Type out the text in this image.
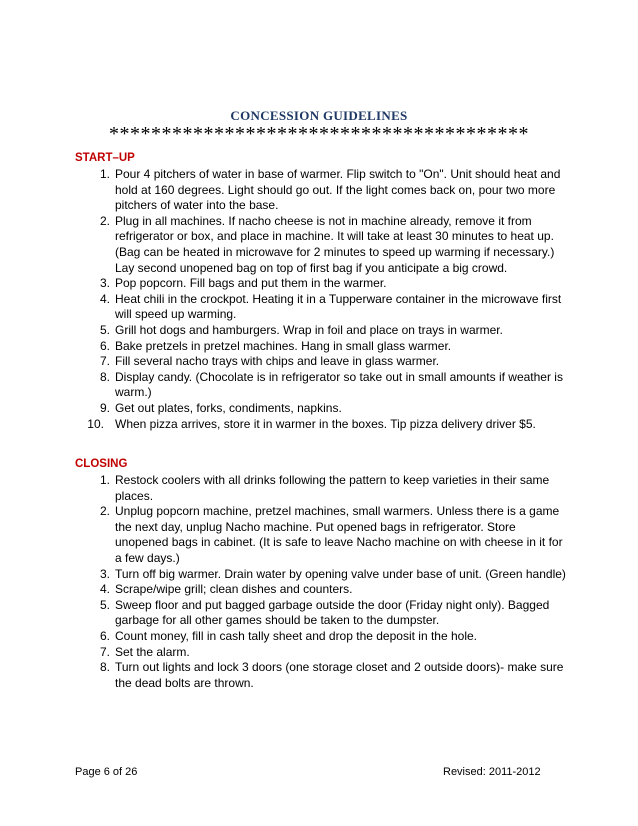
CONCESSION GUIDELINES
****************************************
START–UP
1 . Pour 4 pitchers of water in base of warmer. Flip switch to "On". Unit should heat and hold at 160 degrees. Light should go out. If the light comes back on, pour two more pitchers of water into the base.
2 . Plug in all machines. If nacho cheese is not in machine already, remove it from refrigerator or box, and place in machine. It will take at least 30 minutes to heat up. (Bag can be heated in microwave for 2 minutes to speed up warming if necessary.) Lay second unopened bag on top of first bag if you anticipate a big crowd.
3 . Pop popcorn. Fill bags and put them in the warmer.
4 . Heat chili in the crockpot. Heating it in a Tupperware container in the microwave first will speed up warming.
5 . Grill hot dogs and hamburgers. Wrap in foil and place on trays in warmer.
6 . Bake pretzels in pretzel machines. Hang in small glass warmer.
7 . Fill several nacho trays with chips and leave in glass warmer.
8 . Display candy. (Chocolate is in refrigerator so take out in small amounts if weather is warm.)
9 . Get out plates, forks, condiments, napkins.
10 . When pizza arrives, store it in warmer in the boxes. Tip pizza delivery driver $5.
CLOSING
1 . Restock coolers with all drinks following the pattern to keep varieties in their same places.
2 . Unplug popcorn machine, pretzel machines, small warmers. Unless there is a game the next day, unplug Nacho machine. Put opened bags in refrigerator. Store unopened bags in cabinet. (It is safe to leave Nacho machine on with cheese in it for a few days.)
3 . Turn off big warmer. Drain water by opening valve under base of unit. (Green handle)
4 . Scrape/wipe grill; clean dishes and counters.
5 . Sweep floor and put bagged garbage outside the door (Friday night only). Bagged garbage for all other games should be taken to the dumpster.
6 . Count money, fill in cash tally sheet and drop the deposit in the hole.
7 . Set the alarm.
8 . Turn out lights and lock 3 doors (one storage closet and 2 outside doors)- make sure the dead bolts are thrown.
Page 6 of 26	Revised: 2011-2012
